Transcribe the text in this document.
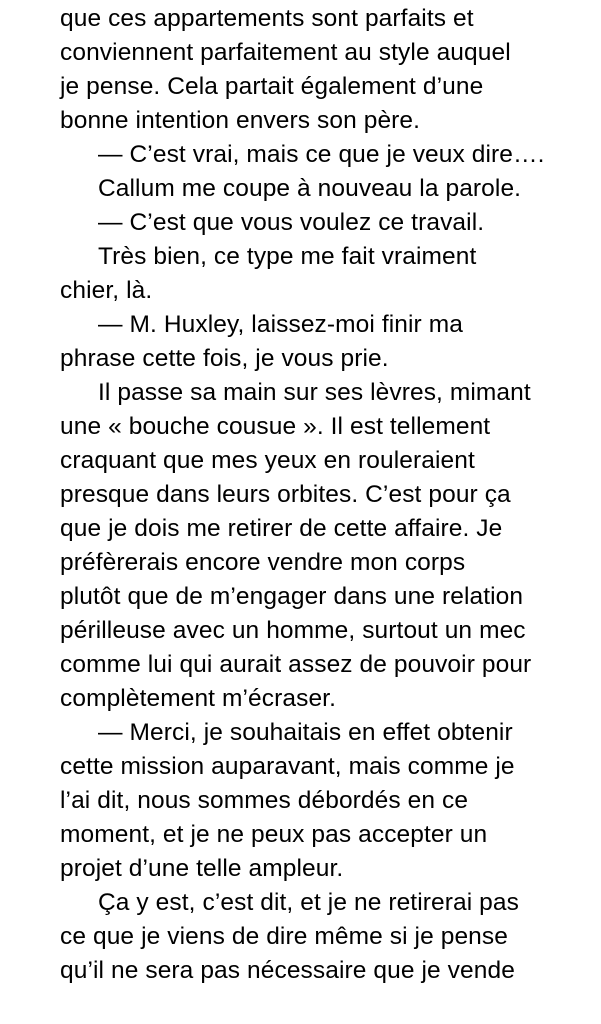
que ces appartements sont parfaits et
conviennent parfaitement au style auquel
je pense. Cela partait également d’une
bonne intention envers son père.
— C’est vrai, mais ce que je veux dire….
Callum me coupe à nouveau la parole.
— C’est que vous voulez ce travail.
Très bien, ce type me fait vraiment
chier, là.
— M. Huxley, laissez-moi finir ma
phrase cette fois, je vous prie.
Il passe sa main sur ses lèvres, mimant
une « bouche cousue ». Il est tellement
craquant que mes yeux en rouleraient
presque dans leurs orbites. C’est pour ça
que je dois me retirer de cette affaire. Je
préfèrerais encore vendre mon corps
plutôt que de m’engager dans une relation
périlleuse avec un homme, surtout un mec
comme lui qui aurait assez de pouvoir pour
complètement m’écraser.
— Merci, je souhaitais en effet obtenir
cette mission auparavant, mais comme je
l’ai dit, nous sommes débordés en ce
moment, et je ne peux pas accepter un
projet d’une telle ampleur.
Ça y est, c’est dit, et je ne retirerai pas
ce que je viens de dire même si je pense
qu’il ne sera pas nécessaire que je vende
